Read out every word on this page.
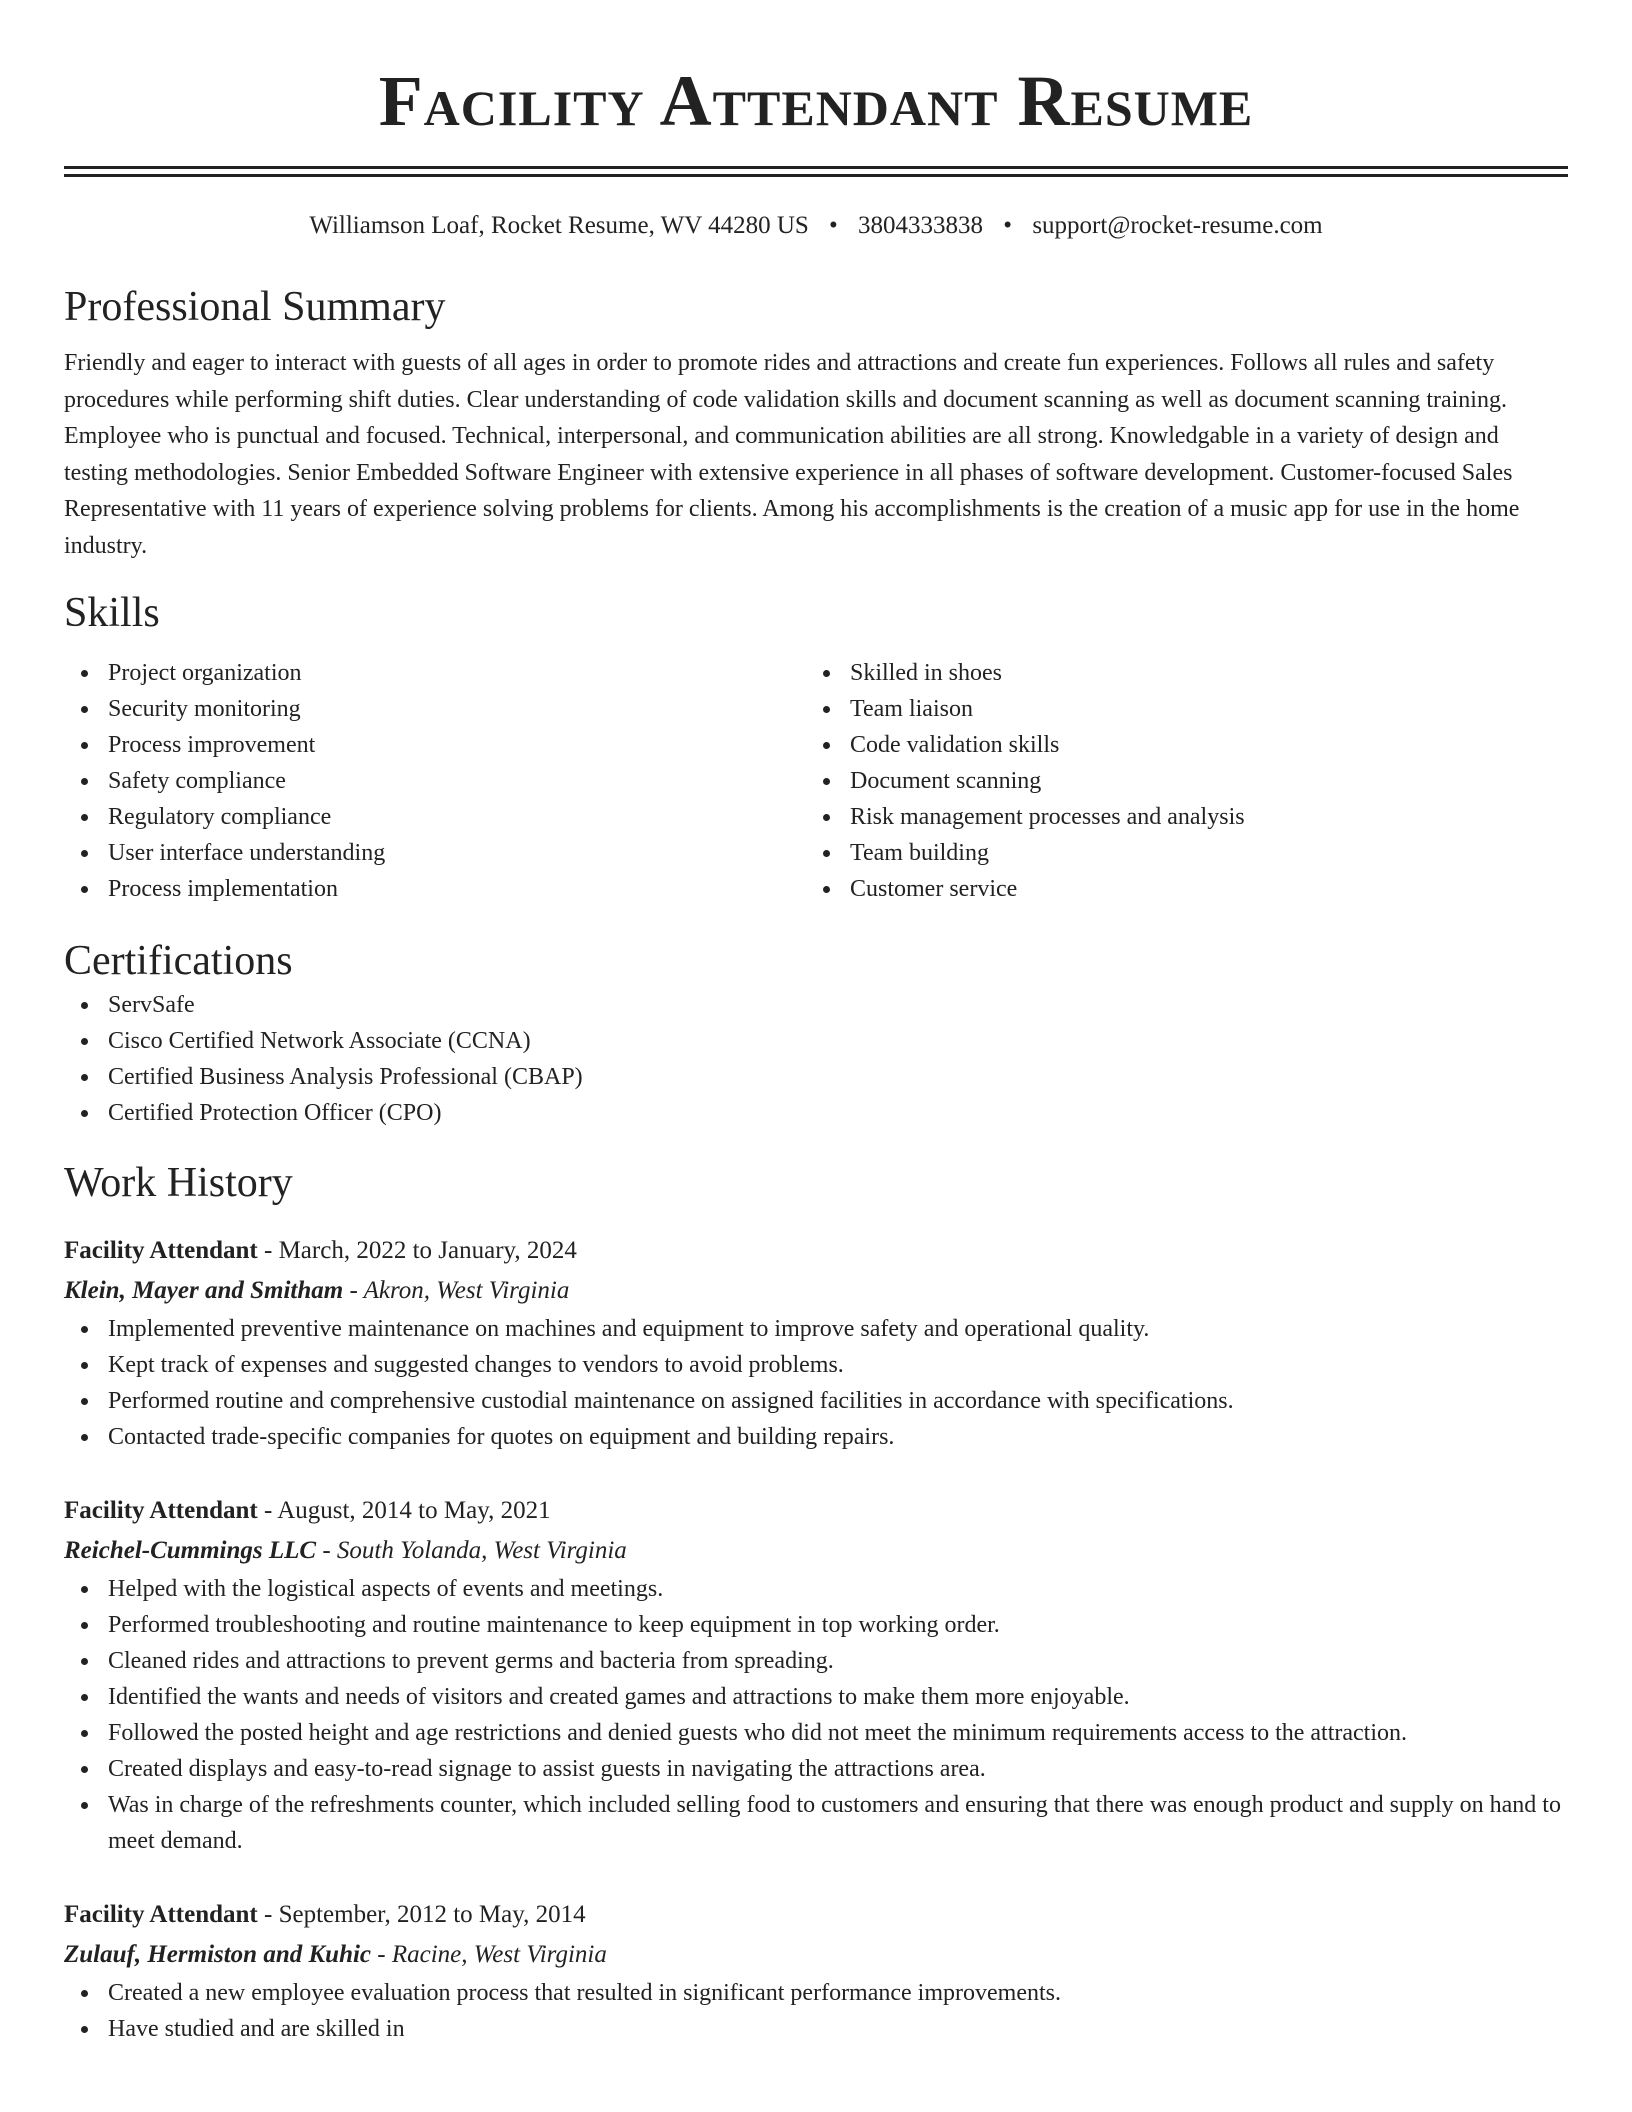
Facility Attendant Resume
Williamson Loaf, Rocket Resume, WV 44280 US • 3804333838 • support@rocket-resume.com
Professional Summary

Friendly and eager to interact with guests of all ages in order to promote rides and attractions and create fun experiences. Follows all rules and safety procedures while performing shift duties. Clear understanding of code validation skills and document scanning as well as document scanning training. Employee who is punctual and focused. Technical, interpersonal, and communication abilities are all strong. Knowledgable in a variety of design and testing methodologies. Senior Embedded Software Engineer with extensive experience in all phases of software development. Customer-focused Sales Representative with 11 years of experience solving problems for clients. Among his accomplishments is the creation of a music app for use in the home industry.

Skills
Project organization
Security monitoring
Process improvement
Safety compliance
Regulatory compliance
User interface understanding
Process implementation
Skilled in shoes
Team liaison
Code validation skills
Document scanning
Risk management processes and analysis
Team building
Customer service
Certifications
ServSafe
Cisco Certified Network Associate (CCNA)
Certified Business Analysis Professional (CBAP)
Certified Protection Officer (CPO)
Work History
Facility Attendant - March, 2022 to January, 2024
Klein, Mayer and Smitham - Akron, West Virginia
Implemented preventive maintenance on machines and equipment to improve safety and operational quality.
Kept track of expenses and suggested changes to vendors to avoid problems.
Performed routine and comprehensive custodial maintenance on assigned facilities in accordance with specifications.
Contacted trade-specific companies for quotes on equipment and building repairs.
Facility Attendant - August, 2014 to May, 2021
Reichel-Cummings LLC - South Yolanda, West Virginia
Helped with the logistical aspects of events and meetings.
Performed troubleshooting and routine maintenance to keep equipment in top working order.
Cleaned rides and attractions to prevent germs and bacteria from spreading.
Identified the wants and needs of visitors and created games and attractions to make them more enjoyable.
Followed the posted height and age restrictions and denied guests who did not meet the minimum requirements access to the attraction.
Created displays and easy-to-read signage to assist guests in navigating the attractions area.
Was in charge of the refreshments counter, which included selling food to customers and ensuring that there was enough product and supply on hand to meet demand.
Facility Attendant - September, 2012 to May, 2014
Zulauf, Hermiston and Kuhic - Racine, West Virginia
Created a new employee evaluation process that resulted in significant performance improvements.
Have studied and are skilled in
